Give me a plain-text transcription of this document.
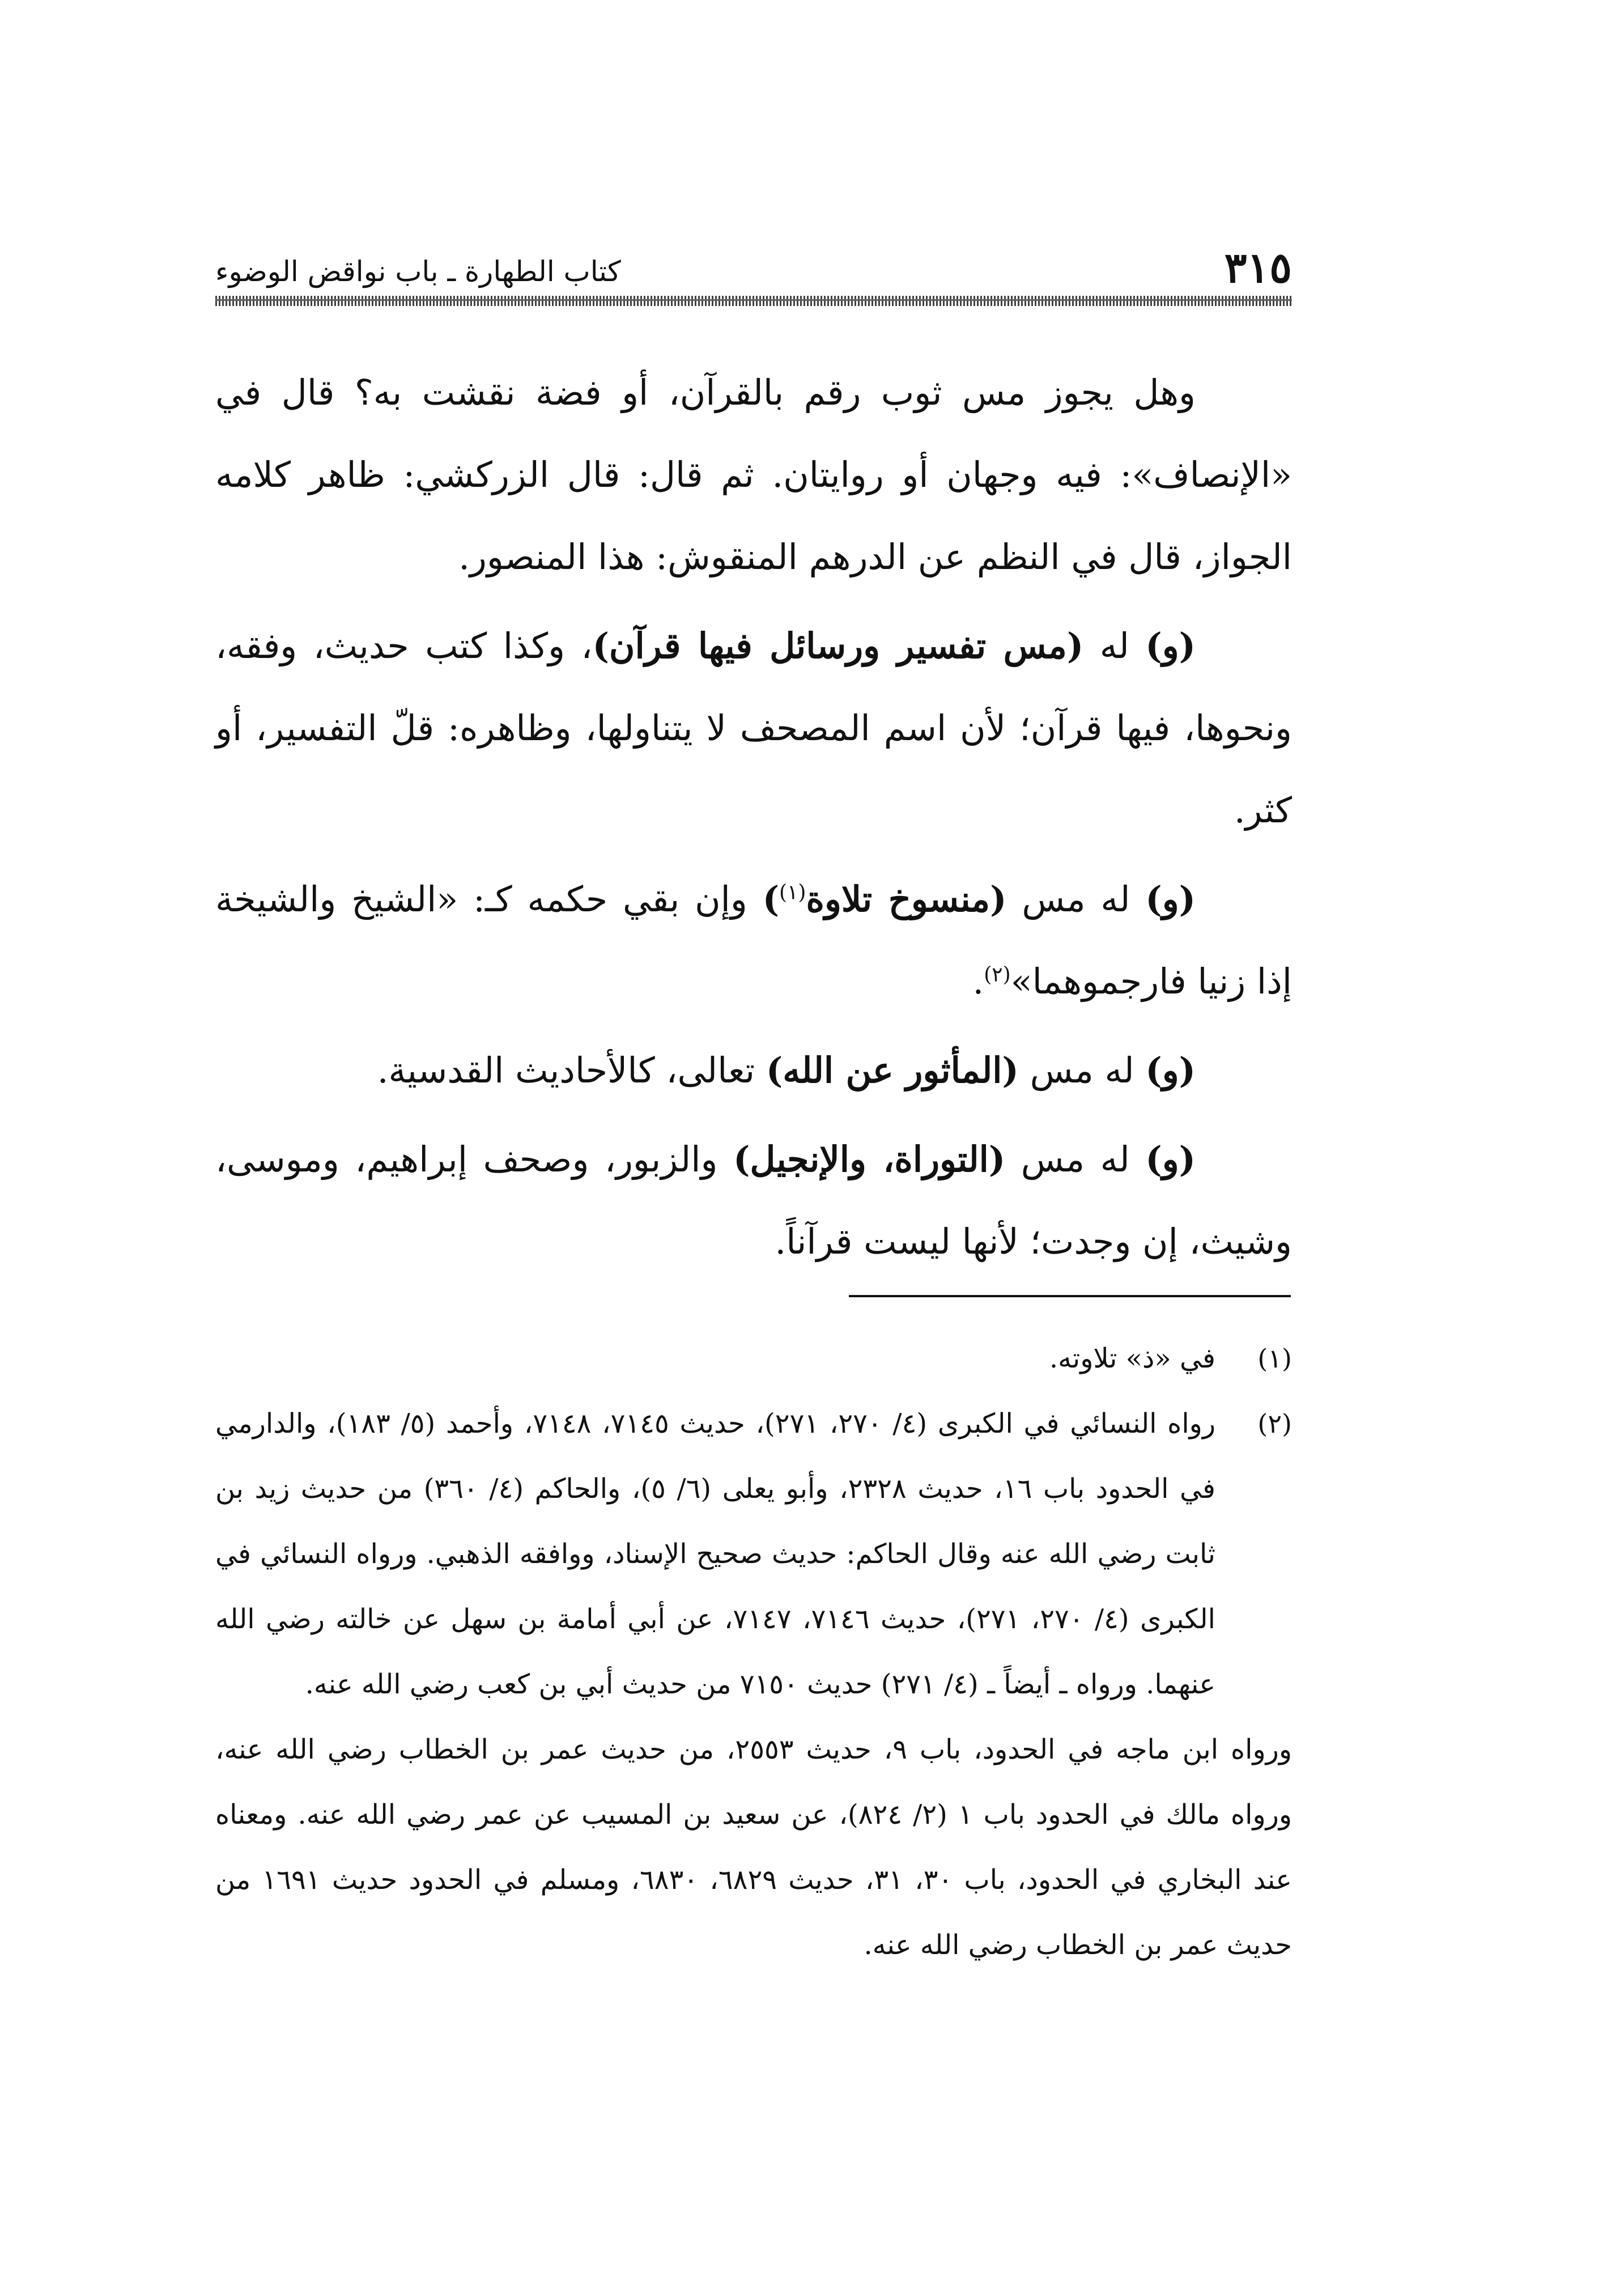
٣١٥
كتاب الطهارة ـ باب نواقض الوضوء

وهل يجوز مس ثوب رقم بالقرآن، أو فضة نقشت به؟ قال في «الإنصاف»: فيه وجهان أو روايتان. ثم قال: قال الزركشي: ظاهر كلامه الجواز، قال في النظم عن الدرهم المنقوش: هذا المنصور.

(و) له (مس تفسير ورسائل فيها قرآن)، وكذا كتب حديث، وفقه، ونحوها، فيها قرآن؛ لأن اسم المصحف لا يتناولها، وظاهره: قلّ التفسير، أو كثر.

(و) له مس (منسوخ تلاوة$^{(١)}$) وإن بقي حكمه كـ: «الشيخ والشيخة إذا زنيا فارجموهما»$^{(٢)}$.

(و) له مس (المأثور عن الله) تعالى، كالأحاديث القدسية.

(و) له مس (التوراة، والإنجيل) والزبور، وصحف إبراهيم، وموسى، وشيث، إن وجدت؛ لأنها ليست قرآناً.

(١)
في «ذ» تلاوته.

(٢)
رواه النسائي في الكبرى (٤/ ٢٧٠، ٢٧١)، حديث ٧١٤٥، ٧١٤٨، وأحمد (٥/ ١٨٣)، والدارمي في الحدود باب ١٦، حديث ٢٣٢٨، وأبو يعلى (٦/ ٥)، والحاكم (٤/ ٣٦٠) من حديث زيد بن ثابت رضي الله عنه وقال الحاكم: حديث صحيح الإسناد، ووافقه الذهبي. ورواه النسائي في الكبرى (٤/ ٢٧٠، ٢٧١)، حديث ٧١٤٦، ٧١٤٧، عن أبي أمامة بن سهل عن خالته رضي الله عنهما. ورواه ـ أيضاً ـ (٤/ ٢٧١) حديث ٧١٥٠ من حديث أبي بن كعب رضي الله عنه.

ورواه ابن ماجه في الحدود، باب ٩، حديث ٢٥٥٣، من حديث عمر بن الخطاب رضي الله عنه، ورواه مالك في الحدود باب ١ (٢/ ٨٢٤)، عن سعيد بن المسيب عن عمر رضي الله عنه. ومعناه عند البخاري في الحدود، باب ٣٠، ٣١، حديث ٦٨٢٩، ٦٨٣٠، ومسلم في الحدود حديث ١٦٩١ من حديث عمر بن الخطاب رضي الله عنه.
